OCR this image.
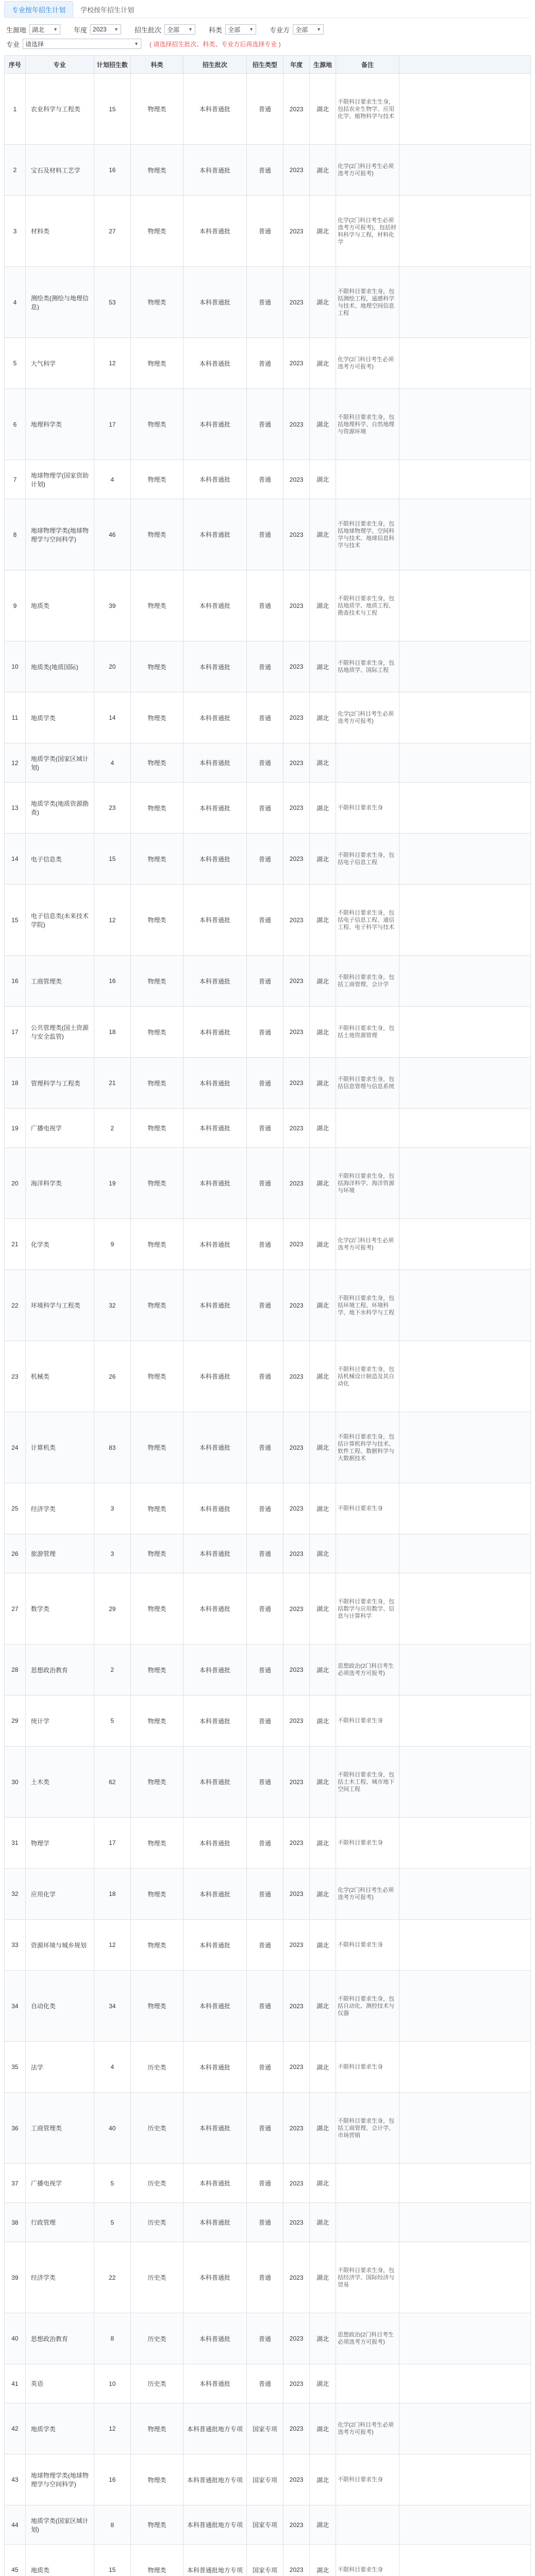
专业按年招生计划	学校按年招生计划
生源地 湖北 ▼ 年度 2023 ▼ 招生批次 全部 ▼ 科类 全部 ▼ 专业方 全部 ▼
专业 请选择	▼ ( 请选择招生批次、科类、专业方后再选择专业 )
序号	专业	计划招生数	科类	招生批次	招生类型	年度	生源地	备注	
1	农业科学与工程类	15	物理类	本科普通批	普通	2023	湖北	不限科目要求生生身，包括农业生物学、应用化学、植物科学与技术	
2	宝石及材料工艺学	16	物理类	本科普通批	普通	2023	湖北	化学(2门科目考生必须选考方可报考)	
3	材料类	27	物理类	本科普通批	普通	2023	湖北	化学(2门科目考生必须选考方可报考)，包括材料科学与工程，材料化学	
4	测绘类(测绘与地理信息)	53	物理类	本科普通批	普通	2023	湖北	不限科目要求生身，包括测绘工程，遥感科学与技术、地理空间信息工程	
5	大气科学	12	物理类	本科普通批	普通	2023	湖北	化学(2门科目考生必须选考方可报考)	
6	地理科学类	17	物理类	本科普通批	普通	2023	湖北	不限科目要求生身，包括地理科学、自然地理与资源环境	
7	地球物理学(国家资助计划)	4	物理类	本科普通批	普通	2023	湖北		
8	地球物理学类(地球物理学与空间科学)	46	物理类	本科普通批	普通	2023	湖北	不限科目要求生身，包括地球物理学、空间科学与技术、地球信息科学与技术	
9	地质类	39	物理类	本科普通批	普通	2023	湖北	不限科目要求生身，包括地质学、地质工程、勘查技术与工程	
10	地质类(地质国际)	20	物理类	本科普通批	普通	2023	湖北	不限科目要求生身，包括地质学、国际工程	
11	地质学类	14	物理类	本科普通批	普通	2023	湖北	化学(2门科目考生必须选考方可报考)	
12	地质学类(国家区域计划)	4	物理类	本科普通批	普通	2023	湖北		
13	地质学类(地质资源勘查)	23	物理类	本科普通批	普通	2023	湖北	不限科目要求生身	
14	电子信息类	15	物理类	本科普通批	普通	2023	湖北	不限科目要求生身，包括电子信息工程	
15	电子信息类(未来技术学院)	12	物理类	本科普通批	普通	2023	湖北	不限科目要求生身，包括电子信息工程、通信工程、电子科学与技术	
16	工商管理类	16	物理类	本科普通批	普通	2023	湖北	不限科目要求生身，包括工商管理、会计学	
17	公共管理类(国土资源与安全监管)	18	物理类	本科普通批	普通	2023	湖北	不限科目要求生身，包括土地资源管理	
18	管理科学与工程类	21	物理类	本科普通批	普通	2023	湖北	不限科目要求生身，包括信息管理与信息系统	
19	广播电视学	2	物理类	本科普通批	普通	2023	湖北		
20	海洋科学类	19	物理类	本科普通批	普通	2023	湖北	不限科目要求生身，包括海洋科学、海洋资源与环境	
21	化学类	9	物理类	本科普通批	普通	2023	湖北	化学(2门科目考生必须选考方可报考)	
22	环境科学与工程类	32	物理类	本科普通批	普通	2023	湖北	不限科目要求生身，包括环境工程、环境科学、地下水科学与工程	
23	机械类	26	物理类	本科普通批	普通	2023	湖北	不限科目要求生身，包括机械设计制造及其自动化	
24	计算机类	83	物理类	本科普通批	普通	2023	湖北	不限科目要求生身，包括计算机科学与技术、软件工程、数据科学与大数据技术	
25	经济学类	3	物理类	本科普通批	普通	2023	湖北	不限科目要求生身	
26	旅游管理	3	物理类	本科普通批	普通	2023	湖北		
27	数学类	29	物理类	本科普通批	普通	2023	湖北	不限科目要求生身，包括数学与应用数学、信息与计算科学	
28	思想政治教育	2	物理类	本科普通批	普通	2023	湖北	思想政治(2门科目考生必须选考方可报考)	
29	统计学	5	物理类	本科普通批	普通	2023	湖北	不限科目要求生身	
30	土木类	62	物理类	本科普通批	普通	2023	湖北	不限科目要求生身，包括土木工程、城市地下空间工程	
31	物理学	17	物理类	本科普通批	普通	2023	湖北	不限科目要求生身	
32	应用化学	18	物理类	本科普通批	普通	2023	湖北	化学(2门科目考生必须选考方可报考)	
33	资源环境与城乡规划	12	物理类	本科普通批	普通	2023	湖北	不限科目要求生身	
34	自动化类	34	物理类	本科普通批	普通	2023	湖北	不限科目要求生身，包括自动化、测控技术与仪器	
35	法学	4	历史类	本科普通批	普通	2023	湖北	不限科目要求生身	
36	工商管理类	40	历史类	本科普通批	普通	2023	湖北	不限科目要求生身，包括工商管理、会计学、市场营销	
37	广播电视学	5	历史类	本科普通批	普通	2023	湖北		
38	行政管理	5	历史类	本科普通批	普通	2023	湖北		
39	经济学类	22	历史类	本科普通批	普通	2023	湖北	不限科目要求生身，包括经济学、国际经济与贸易	
40	思想政治教育	8	历史类	本科普通批	普通	2023	湖北	思想政治(2门科目考生必须选考方可报考)	
41	英语	10	历史类	本科普通批	普通	2023	湖北		
42	地质学类	12	物理类	本科普通批地方专项	国家专项	2023	湖北	化学(2门科目考生必须选考方可报考)	
43	地球物理学类(地球物理学与空间科学)	16	物理类	本科普通批地方专项	国家专项	2023	湖北	不限科目要求生身	
44	地质学类(国家区域计划)	8	物理类	本科普通批地方专项	国家专项	2023	湖北		
45	地质类	15	物理类	本科普通批地方专项	国家专项	2023	湖北	不限科目要求生身	
